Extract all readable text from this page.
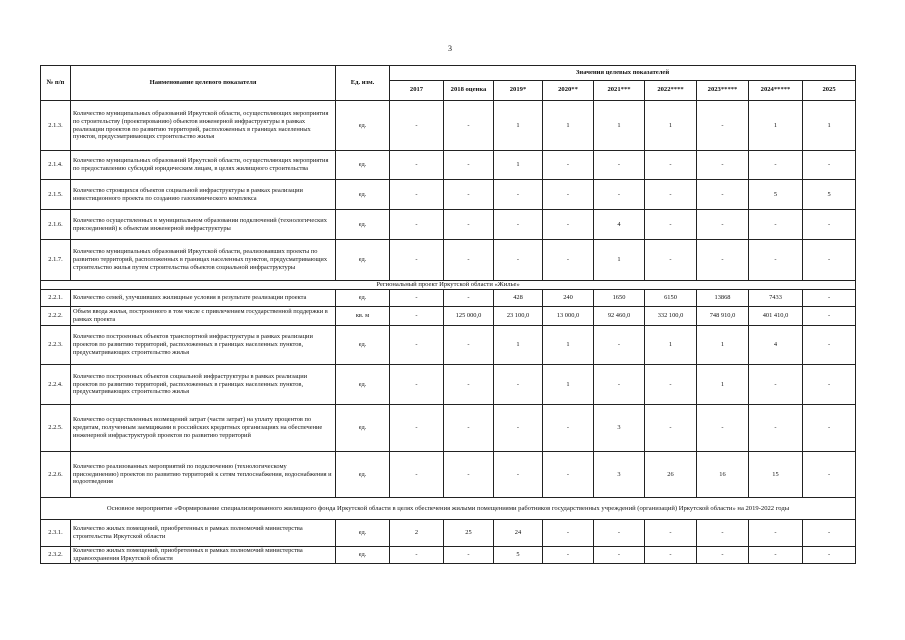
3
№ п/п	Наименование целевого показателя	Ед. изм.	Значения целевых показателей								
			2017	2018 оценка	2019*	2020**	2021***	2022****	2023*****	2024*****	2025
2.1.3.	Количество муниципальных образований Иркутской области, осуществляющих мероприятия по строительству (проектированию) объектов инженерной инфраструктуры в рамках реализации проектов по развитию территорий, расположенных в границах населенных пунктов, предусматривающих строительство жилья	ед.	-	-	1	1	1	1	-	1	1
2.1.4.	Количество муниципальных образований Иркутской области, осуществляющих мероприятия по предоставлению субсидий юридическим лицам, в целях жилищного строительства	ед.	-	-	1	-	-	-	-	-	-
2.1.5.	Количество строящихся объектов социальной инфраструктуры в рамках реализации инвестиционного проекта по созданию газохимического комплекса	ед.	-	-	-	-	-	-	-	5	5
2.1.6.	Количество осуществленных в муниципальном образовании подключений (технологических присоединений) к объектам инженерной инфраструктуры	ед.	-	-	-	-	4	-	-	-	-
2.1.7.	Количество муниципальных образований Иркутской области, реализовавших проекты по развитию территорий, расположенных в границах населенных пунктов, предусматривающих строительство жилья путем строительства объектов социальной инфраструктуры	ед.	-	-	-	-	1	-	-	-	-
Региональный проект Иркутской области «Жилье»											
2.2.1.	Количество семей, улучшивших жилищные условия в результате реализации проекта	ед.	-	-	428	240	1650	6150	13868	7433	-
2.2.2.	Объем ввода жилья, построенного в том числе с привлечением государственной поддержки в рамках проекта	кв. м	-	125 000,0	23 100,0	13 000,0	92 460,0	332 100,0	748 910,0	401 410,0	-
2.2.3.	Количество построенных объектов транспортной инфраструктуры в рамках реализации проектов по развитию территорий, расположенных в границах населенных пунктов, предусматривающих строительство жилья	ед.	-	-	1	1	-	1	1	4	-
2.2.4.	Количество построенных объектов социальной инфраструктуры в рамках реализации проектов по развитию территорий, расположенных в границах населенных пунктов, предусматривающих строительство жилья	ед.	-	-	-	1	-	-	1	-	-
2.2.5.	Количество осуществленных возмещений затрат (части затрат) на уплату процентов по кредитам, полученным заемщиками в российских кредитных организациях на обеспечение инженерной инфраструктурой проектов по развитию территорий	ед.	-	-	-	-	3	-	-	-	-
2.2.6.	Количество реализованных мероприятий по подключению (технологическому присоединению) проектов по развитию территорий к сетям теплоснабжения, водоснабжения и водоотведения	ед.	-	-	-	-	3	26	16	15	-
Основное мероприятие «Формирование специализированного жилищного фонда Иркутской области в целях обеспечения жилыми помещениями работников государственных учреждений (организаций) Иркутской области» на 2019-2022 годы											
2.3.1.	Количество жилых помещений, приобретенных в рамках полномочий министерства строительства Иркутской области	ед.	2	25	24	-	-	-	-	-	-
2.3.2.	Количество жилых помещений, приобретенных в рамках полномочий министерства здравоохранения Иркутской области	ед.	-	-	5	-	-	-	-	-	-
